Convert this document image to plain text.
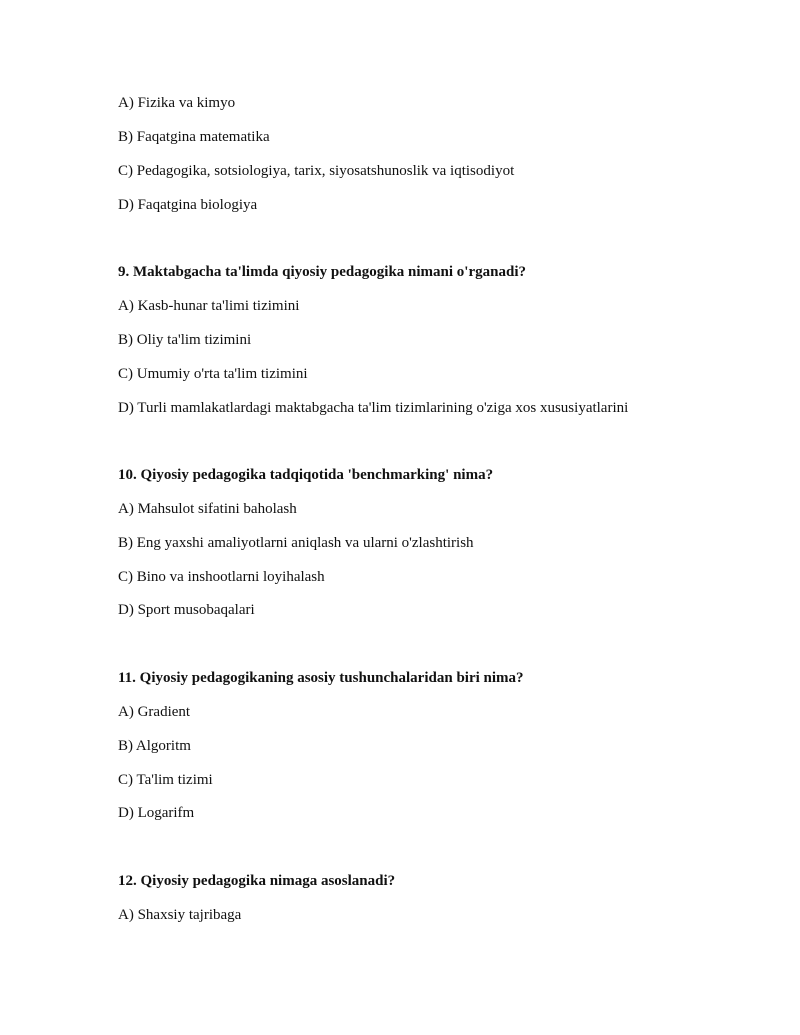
A) Fizika va kimyo
B) Faqatgina matematika
C) Pedagogika, sotsiologiya, tarix, siyosatshunoslik va iqtisodiyot
D) Faqatgina biologiya
9. Maktabgacha ta'limda qiyosiy pedagogika nimani o'rganadi?
A) Kasb-hunar ta'limi tizimini
B) Oliy ta'lim tizimini
C) Umumiy o'rta ta'lim tizimini
D) Turli mamlakatlardagi maktabgacha ta'lim tizimlarining o'ziga xos xususiyatlarini
10. Qiyosiy pedagogika tadqiqotida 'benchmarking' nima?
A) Mahsulot sifatini baholash
B) Eng yaxshi amaliyotlarni aniqlash va ularni o'zlashtirish
C) Bino va inshootlarni loyihalash
D) Sport musobaqalari
11. Qiyosiy pedagogikaning asosiy tushunchalaridan biri nima?
A) Gradient
B) Algoritm
C) Ta'lim tizimi
D) Logarifm
12. Qiyosiy pedagogika nimaga asoslanadi?
A) Shaxsiy tajribaga
